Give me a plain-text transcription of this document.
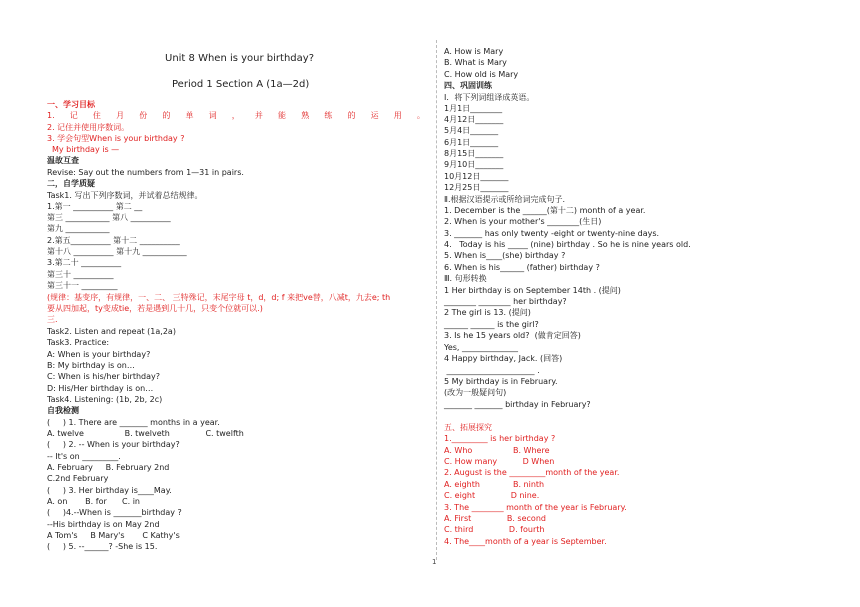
Unit 8 When is your birthday?
Period 1 Section A (1a—2d)
一、学习目标
1. 记 住 月 份 的 单 词 ， 并 能 熟 练 的 运 用 。
2. 记住并使用序数词。
3. 学会句型When is your birthday ?
My birthday is —
温故互查
Revise: Say out the numbers from 1—31 in pairs.
二，自学质疑
Task1. 写出下列序数词，并试着总结规律。
1.第一 __________ 第二 __
第三 ___________ 第八 __________
第九 ___________
2.第五__________ 第十二 __________
第十八 __________ 第十九 ___________
3.第二十 __________
第三十 __________
第三十一 _________
(规律：基变序，有规律，一、二、 三特殊记，末尾字母 t，d，d; f 来把ve替，八减t，九去e; th
要从四加起，ty变成tie，若是遇到几十几，只变个位就可以.)
三.
Task2. Listen and repeat (1a,2a)
Task3. Practice:
A: When is your birthday?
B: My birthday is on…
C: When is his/her birthday?
D: His/Her birthday is on…
Task4. Listening: (1b, 2b, 2c)
自我检测
(     ) 1. There are _______ months in a year.
A. twelve                B. twelveth              C. twelfth
(     ) 2. -- When is your birthday?
-- It's on _________.
A. February     B. February 2nd
C.2nd February
(     ) 3. Her birthday is____May.
A. on       B. for      C. in
(     )4.--When is _______birthday ?
--His birthday is on May 2nd
A Tom's     B Mary's       C Kathy's
(     ) 5. --______? -She is 15.
A. How is Mary
B. What is Mary
C. How old is Mary
四、巩固训练
Ⅰ．将下列词组译成英语。
1月1日________
4月12日_______
5月4日_______
6月1日_______
8月15日_______
9月10日_______
10月12日_______
12月25日_______
Ⅱ.根据汉语提示或所给词完成句子.
1. December is the ______(第十二) month of a year.
2. When is your mother's ________(生日)
3. _______ has only twenty -eight or twenty-nine days.
4.   Today is his _____ (nine) birthday . So he is nine years old.
5. When is____(she) birthday ?
6. When is his______ (father) birthday ?
Ⅲ. 句形转换
1 Her birthday is on September 14th . (提问)
________ ________ her birthday?
2 The girl is 13. (提问)
______ ______ is the girl?
3. Is he 15 years old?  (做肯定回答)
Yes, ______________
4 Happy birthday, Jack. (回答)
______________________ .
5 My birthday is in February.
(改为一般疑问句)
_______ _______ birthday in February?
五、拓展探究
1._________ is her birthday ?
A. Who                B. Where
C. How many          D When
2. August is the _________month of the year.
A. eighth             B. ninth
C. eight              D nine.
3. The ________ month of the year is February.
A. First              B. second
C. third              D. fourth
4. The____month of a year is September.
1
